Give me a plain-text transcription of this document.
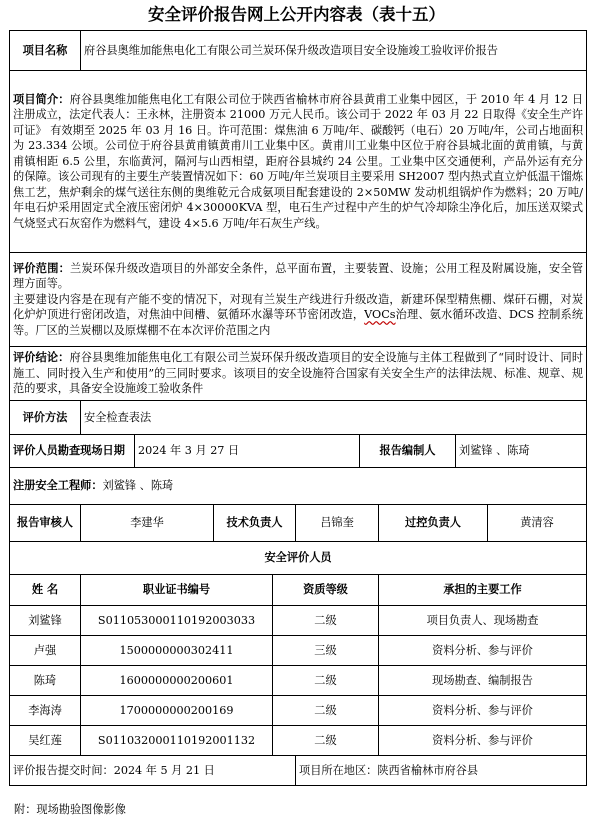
安全评价报告网上公开内容表（表十五）
项目名称	府谷县奥维加能焦电化工有限公司兰炭环保升级改造项目安全设施竣工验收评价报告								
项目简介：府谷县奥维加能焦电化工有限公司位于陕西省榆林市府谷县黄甫工业集中园区，于 2010 年 4 月 12 日注册成立，法定代表人：王永林，注册资本 21000 万元人民币。该公司于 2022 年 03 月 22 日取得《安全生产许可证》 有效期至 2025 年 03 月 16 日。许可范围：煤焦油 6 万吨/年、碳酸钙（电石）20 万吨/年，公司占地面积为 23.334 公顷。公司位于府谷县黄甫镇黄甫川工业集中区。黄甫川工业集中区位于府谷县城北面的黄甫镇，与黄甫镇相距 6.5 公里，东临黄河，隔河与山西相望，距府谷县城约 24 公里。工业集中区交通便利，产品外运有充分的保障。该公司现有的主要生产装置情况如下：60 万吨/年兰炭项目主要采用 SH2007 型内热式直立炉低温干馏炼焦工艺，焦炉剩余的煤气送往东侧的奥维乾元合成氨项目配套建设的 2×50MW 发动机组锅炉作为燃料；20 万吨/年电石炉采用固定式全液压密闭炉 4×30000KVA 型，电石生产过程中产生的炉气冷却除尘净化后，加压送双梁式气烧竖式石灰窑作为燃料气，建设 4×5.6 万吨/年石灰生产线。									

评价范围：兰炭环保升级改造项目的外部安全条件，总平面布置，主要装置、设施；公用工程及附属设施，安全管理方面等。

主要建设内容是在现有产能不变的情况下，对现有兰炭生产线进行升级改造，新建环保型精焦棚、煤矸石棚，对炭化炉炉顶进行密闭改造，对焦油中间槽、氨循环水瀑等环节密闭改造，VOCs治理、氨水循环改造、DCS 控制系统等。厂区的兰炭棚以及原煤棚不在本次评价范围之内									

评价结论：府谷县奥维加能焦电化工有限公司兰炭环保升级改造项目的安全设施与主体工程做到了“同时设计、同时施工、同时投入生产和使用”的三同时要求。该项目的安全设施符合国家有关安全生产的法律法规、标准、规章、规范的要求，具备安全设施竣工验收条件									
评价方法	安全检查表法								
评价人员勘查现场日期		2024 年 3 月 27 日				报告编制人		刘鲨锋 、陈琦	
注册安全工程师：刘鲨锋 、陈琦									
报告审核人	李建华		技术负责人		吕锦奎		过控负责人		黄清容
安全评价人员									
姓 名	职业证书编号			资质等级			承担的主要工作		
刘鲨锋	S011053000110192003033			二级			项目负责人、现场勘查		
卢强	1500000000302411			三级			资料分析、参与评价		
陈琦	1600000000200601			二级			现场勘查、编制报告		
李海涛	1700000000200169			二级			资料分析、参与评价		
吴红莲	S011032000110192001132			二级			资料分析、参与评价		
评价报告提交时间：2024 年 5 月 21 日					项目所在地区：陕西省榆林市府谷县				
附：现场勘验图像影像
